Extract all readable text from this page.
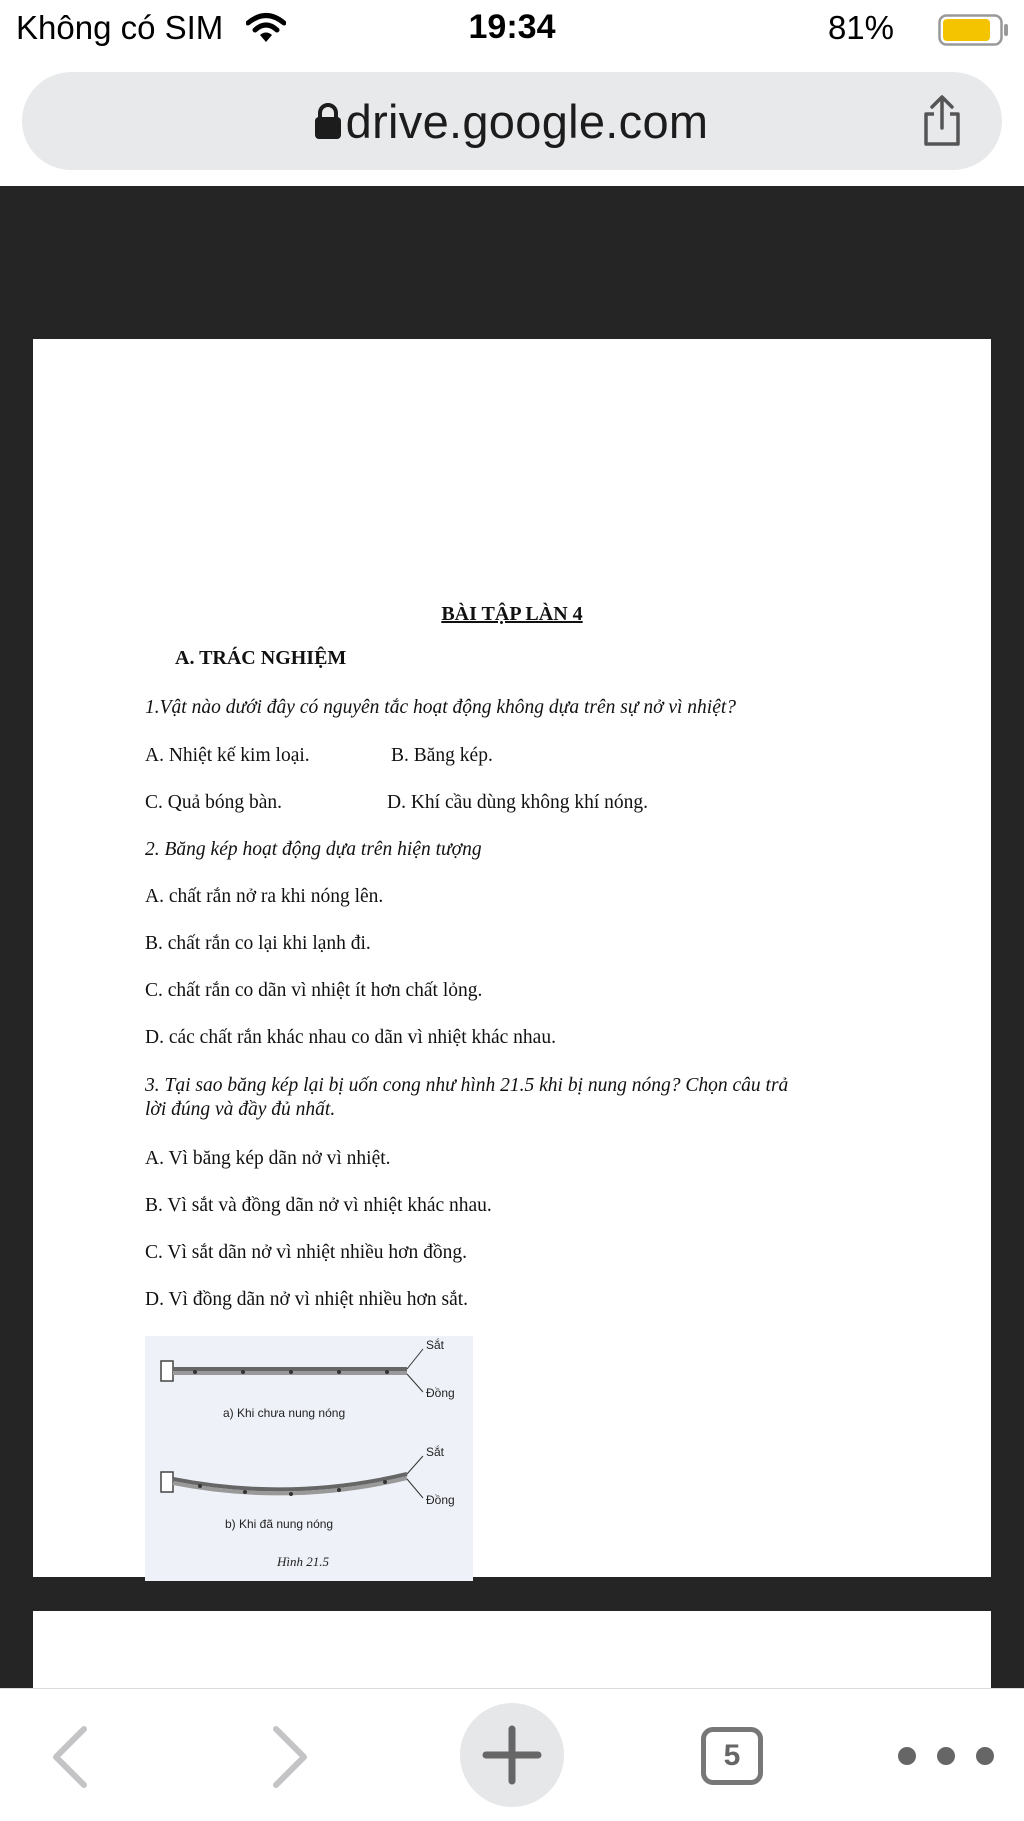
Không có SIM	19:34	81%
drive.google.com
BÀI TẬP LÀN 4
A. TRÁC NGHIỆM
1.Vật nào dưới đây có nguyên tắc hoạt động không dựa trên sự nở vì nhiệt?
A. Nhiệt kế kim loại.	B. Băng kép.
C. Quả bóng bàn.	D. Khí cầu dùng không khí nóng.
2. Băng kép hoạt động dựa trên hiện tượng
A. chất rắn nở ra khi nóng lên.
B. chất rắn co lại khi lạnh đi.
C. chất rắn co dãn vì nhiệt ít hơn chất lỏng.
D. các chất rắn khác nhau co dãn vì nhiệt khác nhau.
3. Tại sao băng kép lại bị uốn cong như hình 21.5 khi bị nung nóng? Chọn câu trả
lời đúng và đầy đủ nhất.
A. Vì băng kép dãn nở vì nhiệt.
B. Vì sắt và đồng dãn nở vì nhiệt khác nhau.
C. Vì sắt dãn nở vì nhiệt nhiều hơn đồng.
D. Vì đồng dãn nở vì nhiệt nhiều hơn sắt.
Sắt
Đồng
a) Khi chưa nung nóng
Sắt
Đồng
b) Khi đã nung nóng
Hình 21.5
5
